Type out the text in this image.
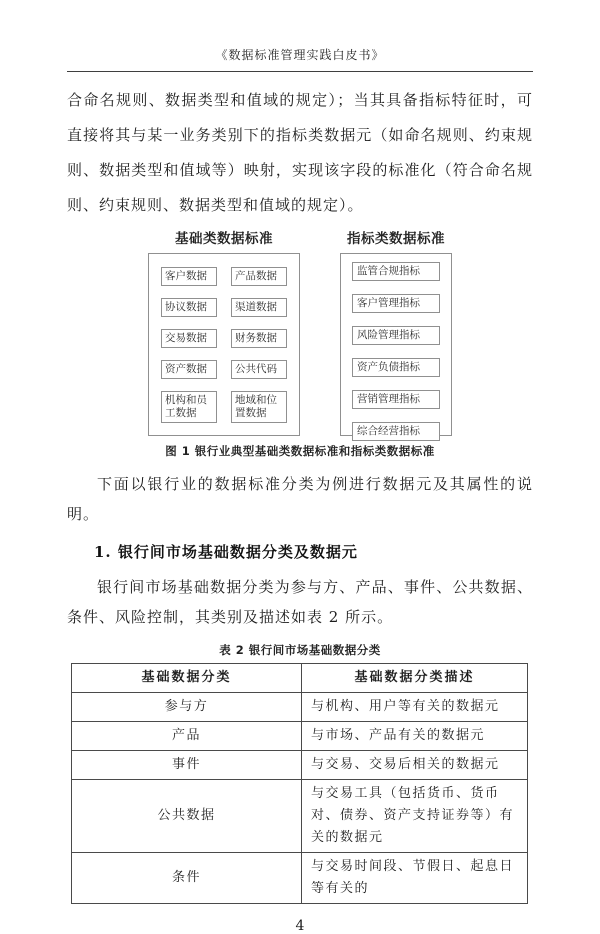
《数据标准管理实践白皮书》

合命名规则、数据类型和值域的规定）；当其具备指标特征时，可直接将其与某一业务类别下的指标类数据元（如命名规则、约束规则、数据类型和值域等）映射，实现该字段的标准化（符合命名规则、约束规则、数据类型和值域的规定）。

基础类数据标准
客户数据
协议数据
交易数据
资产数据
机构和员工数据
产品数据
渠道数据
财务数据
公共代码
地域和位置数据
指标类数据标准
监管合规指标
客户管理指标
风险管理指标
资产负债指标
营销管理指标
综合经营指标
图 1 银行业典型基础类数据标准和指标类数据标准

下面以银行业的数据标准分类为例进行数据元及其属性的说明。

1. 银行间市场基础数据分类及数据元

银行间市场基础数据分类为参与方、产品、事件、公共数据、条件、风险控制，其类别及描述如表 2 所示。

表 2 银行间市场基础数据分类
基础数据分类	基础数据分类描述
参与方	与机构、用户等有关的数据元
产品	与市场、产品有关的数据元
事件	与交易、交易后相关的数据元
公共数据	与交易工具（包括货币、货币对、债券、资产支持证券等）有关的数据元
条件	与交易时间段、节假日、起息日等有关的
4
